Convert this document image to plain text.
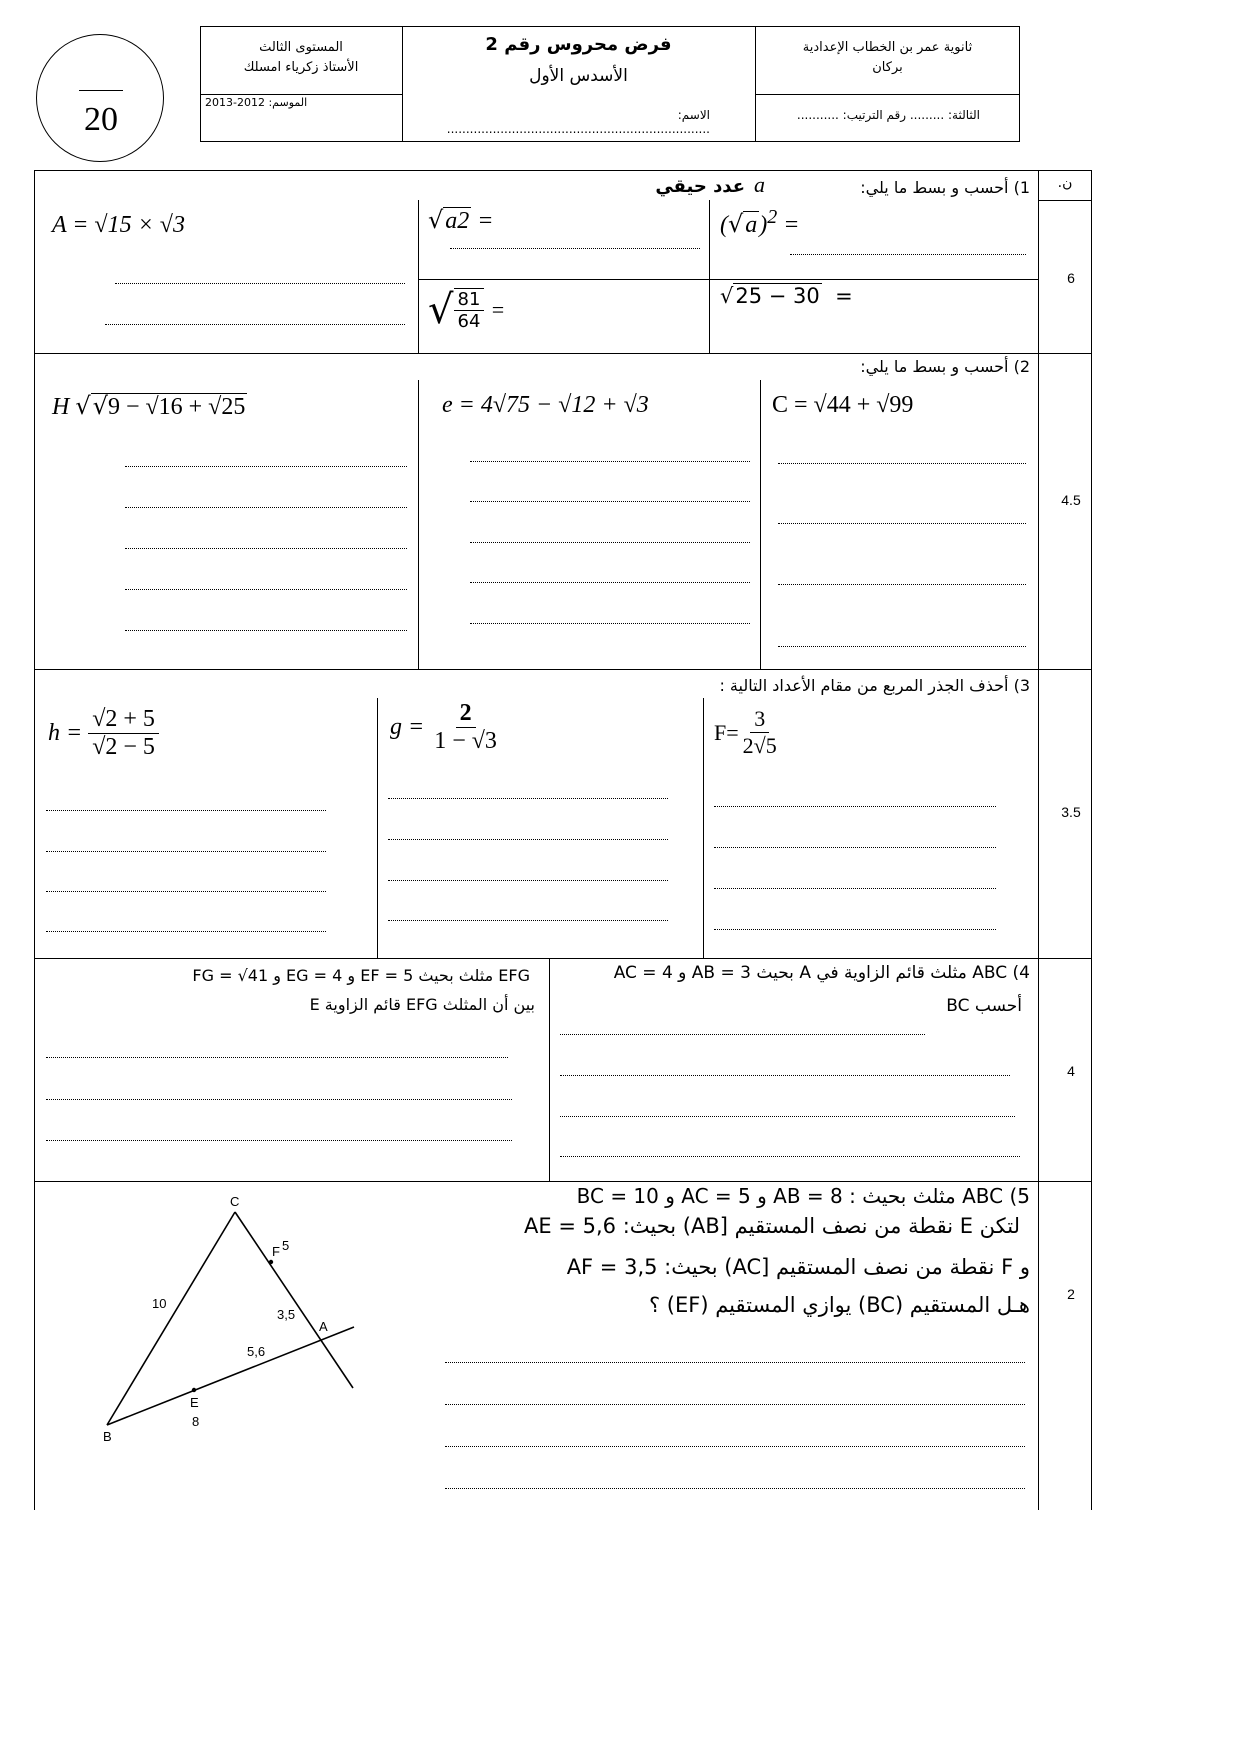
20
ثانوية عمر بن الخطاب الإعدادية
بركان
الثالثة: ......... رقم الترتيب: ...........
فرض محروس رقم 2
الأسدس الأول
الاسم: .....................................................................
المستوى الثالث
الأستاذ زكرياء امسلك
الموسم: 2012-2013
ن.
6
4.5
3.5
4
2
1) أحسب و بسط ما يلي:
عدد حيقي a
A = √15 × √3	√a2 =	$(√a)^2$ =
√ $\frac{81}{64}$ =
√25 − 30  =
2) أحسب و بسط ما يلي:
H √√9 − √16 + √25	e = 4√75 − √12 + √3	C = √44 + √99
3) أحذف الجذر المربع من مقام الأعداد التالية :
$h = \frac{√2 + 5}{√2 - 5}$	$g = \frac{2}{1 - √3}$	$F= \frac{3}{2√5}$
4) ABC مثلث قائم الزاوية في A بحيث AB = 3 و AC = 4
أحسب BC
EFG مثلث بحيث EF = 5 و EG = 4 و FG = √41
بين أن المثلث EFG قائم الزاوية E
5) ABC مثلث بحيث : AB = 8 و AC = 5 و BC = 10
لتكن E نقطة من نصف المستقيم [AB) بحيث: AE = 5,6
و F نقطة من نصف المستقيم [AC) بحيث: AF = 3,5
هـل المستقيم (BC) يوازي المستقيم (EF) ؟
C
F 5
10
3,5
A
5,6
E
8
B
